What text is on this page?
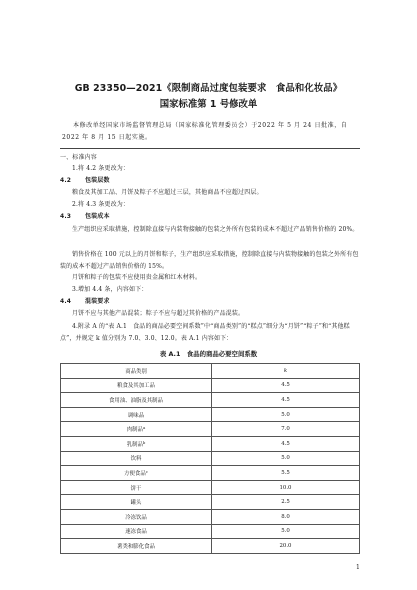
GB 23350—2021《限制商品过度包装要求　食品和化妆品》
国家标准第 1 号修改单
本修改单经国家市场监督管理总局（国家标准化管理委员会）于2022 年 5 月 24 日批准，自 2022 年 8 月 15 日起实施。
一、标准内容
1.将 4.2 条更改为：
4.2 包装层数
粮食及其加工品、月饼及粽子不应超过三层，其他商品不应超过四层。
2.将 4.3 条更改为：
4.3 包装成本
生产组织应采取措施，控制除直接与内装物接触的包装之外所有包装的成本不超过产品销售价格的 20%。
销售价格在 100 元以上的月饼和粽子，生产组织应采取措施，控制除直接与内装物接触的包装之外所有包装的成本不超过产品销售价格的 15%。
月饼和粽子的包装不应使用贵金属和红木材料。
3.增加 4.4 条，内容如下：
4.4 混装要求
月饼不应与其他产品混装；粽子不应与超过其价格的产品混装。
4.附录 A 的“表 A.1　食品的商品必要空间系数”中“商品类别”的“糕点”细分为“月饼”“粽子”和“其他糕点”，并规定 k 值分别为 7.0、3.0、12.0。表 A.1 内容如下：
表 A.1　食品的商品必要空间系数
商品类别	k
粮食及其加工品	4.5
食用油、油脂及其制品	4.5
调味品	5.0
肉制品$^a$	7.0
乳制品$^b$	4.5
饮料	5.0
方便食品$^c$	5.5
饼干	10.0
罐头	2.5
冷冻饮品	8.0
速冻食品	5.0
薯类和膨化食品	20.0
1
